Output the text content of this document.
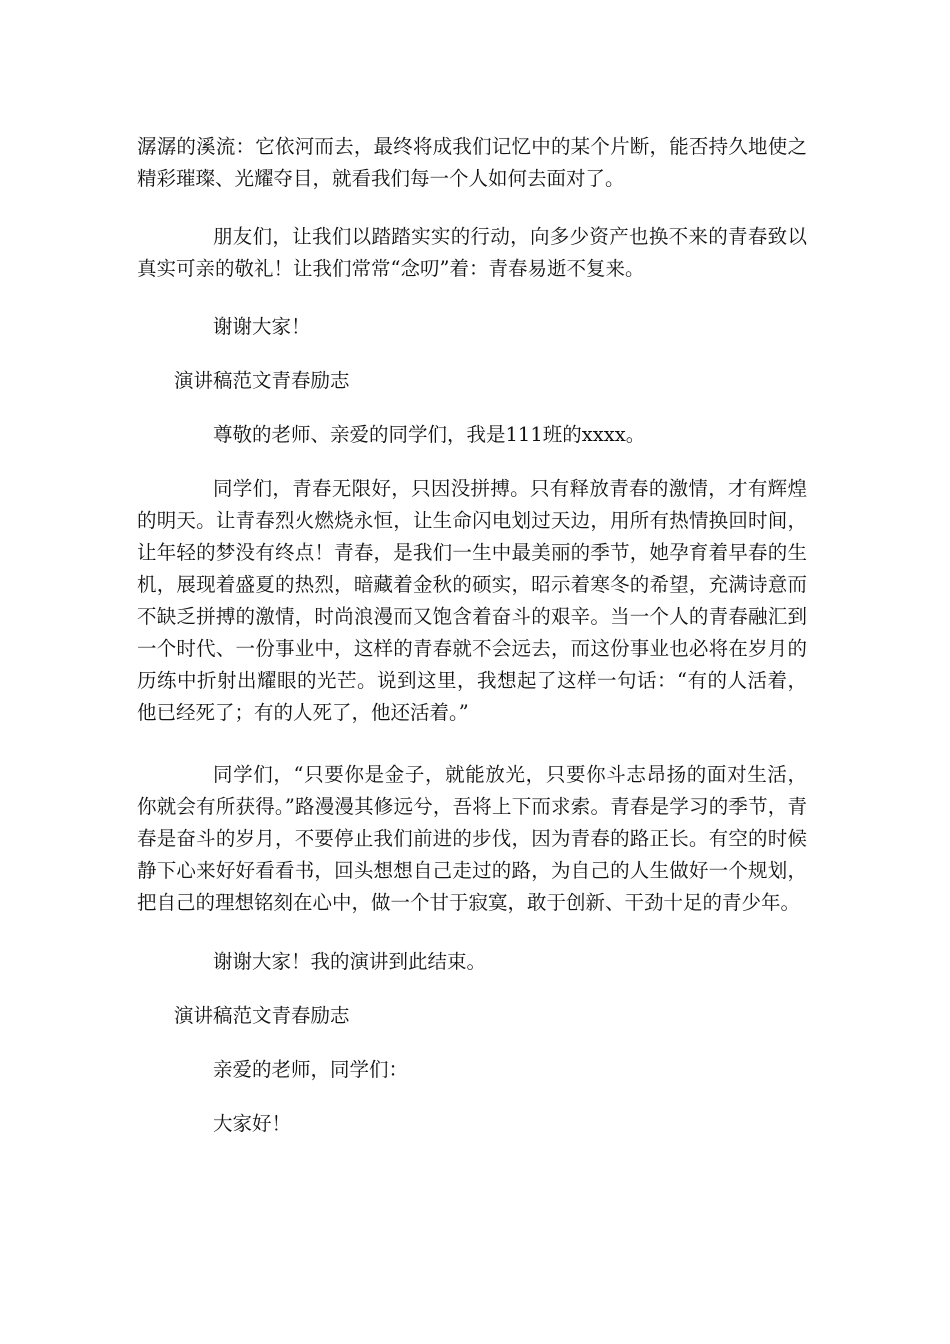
潺潺的溪流：它依河而去，最终将成我们记忆中的某个片断，能否持久地使之精彩璀璨、光耀夺目，就看我们每一个人如何去面对了。

朋友们，让我们以踏踏实实的行动，向多少资产也换不来的青春致以真实可亲的敬礼！让我们常常“念叨”着：青春易逝不复来。

谢谢大家！

演讲稿范文青春励志

尊敬的老师、亲爱的同学们，我是111班的xxxx。

同学们，青春无限好，只因没拼搏。只有释放青春的激情，才有辉煌的明天。让青春烈火燃烧永恒，让生命闪电划过天边，用所有热情换回时间，让年轻的梦没有终点！青春，是我们一生中最美丽的季节，她孕育着早春的生机，展现着盛夏的热烈，暗藏着金秋的硕实，昭示着寒冬的希望，充满诗意而不缺乏拼搏的激情，时尚浪漫而又饱含着奋斗的艰辛。当一个人的青春融汇到一个时代、一份事业中，这样的青春就不会远去，而这份事业也必将在岁月的历练中折射出耀眼的光芒。说到这里，我想起了这样一句话：“有的人活着，他已经死了；有的人死了，他还活着。”

同学们，“只要你是金子，就能放光，只要你斗志昂扬的面对生活，你就会有所获得。”路漫漫其修远兮，吾将上下而求索。青春是学习的季节，青春是奋斗的岁月，不要停止我们前进的步伐，因为青春的路正长。有空的时候静下心来好好看看书，回头想想自己走过的路，为自己的人生做好一个规划，把自己的理想铭刻在心中，做一个甘于寂寞，敢于创新、干劲十足的青少年。

谢谢大家！我的演讲到此结束。

演讲稿范文青春励志

亲爱的老师，同学们：

大家好！
